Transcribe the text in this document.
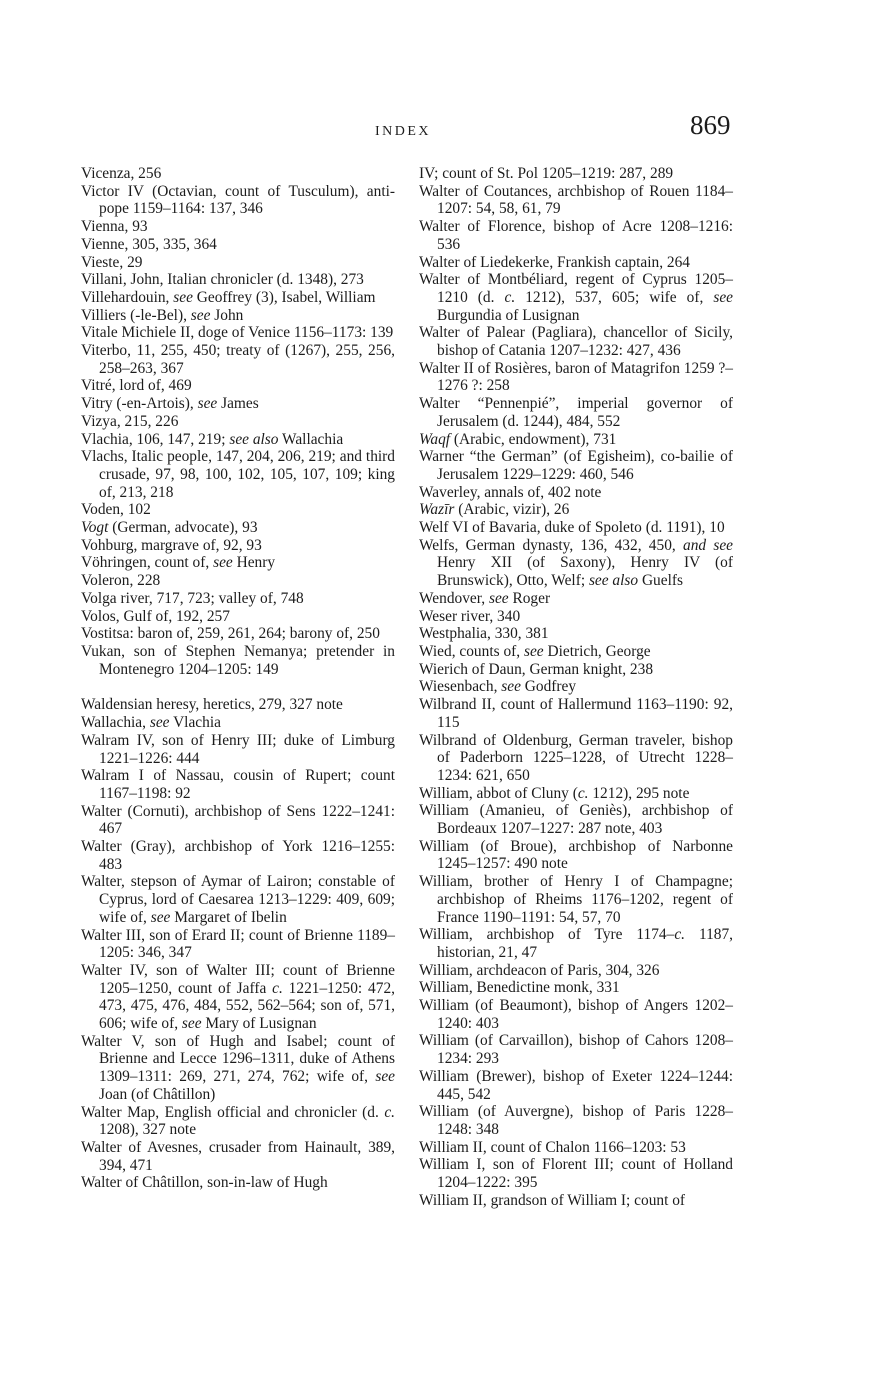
INDEX	869

Vicenza, 256

Victor IV (Octavian, count of Tusculum), anti-pope 1159–1164: 137, 346

Vienna, 93

Vienne, 305, 335, 364

Vieste, 29

Villani, John, Italian chronicler (d. 1348), 273

Villehardouin, see Geoffrey (3), Isabel, William

Villiers (-le-Bel), see John

Vitale Michiele II, doge of Venice 1156–1173: 139

Viterbo, 11, 255, 450; treaty of (1267), 255, 256, 258–263, 367

Vitré, lord of, 469

Vitry (-en-Artois), see James

Vizya, 215, 226

Vlachia, 106, 147, 219; see also Wallachia

Vlachs, Italic people, 147, 204, 206, 219; and third crusade, 97, 98, 100, 102, 105, 107, 109; king of, 213, 218

Voden, 102

Vogt (German, advocate), 93

Vohburg, margrave of, 92, 93

Vöhringen, count of, see Henry

Voleron, 228

Volga river, 717, 723; valley of, 748

Volos, Gulf of, 192, 257

Vostitsa: baron of, 259, 261, 264; barony of, 250

Vukan, son of Stephen Nemanya; pretender in Montenegro 1204–1205: 149

Waldensian heresy, heretics, 279, 327 note

Wallachia, see Vlachia

Walram IV, son of Henry III; duke of Limburg 1221–1226: 444

Walram I of Nassau, cousin of Rupert; count 1167–1198: 92

Walter (Cornuti), archbishop of Sens 1222–1241: 467

Walter (Gray), archbishop of York 1216–1255: 483

Walter, stepson of Aymar of Lairon; constable of Cyprus, lord of Caesarea 1213–1229: 409, 609; wife of, see Margaret of Ibelin

Walter III, son of Erard II; count of Brienne 1189–1205: 346, 347

Walter IV, son of Walter III; count of Brienne 1205–1250, count of Jaffa c. 1221–1250: 472, 473, 475, 476, 484, 552, 562–564; son of, 571, 606; wife of, see Mary of Lusignan

Walter V, son of Hugh and Isabel; count of Brienne and Lecce 1296–1311, duke of Athens 1309–1311: 269, 271, 274, 762; wife of, see Joan (of Châtillon)

Walter Map, English official and chronicler (d. c. 1208), 327 note

Walter of Avesnes, crusader from Hainault, 389, 394, 471

Walter of Châtillon, son-in-law of Hugh

IV; count of St. Pol 1205–1219: 287, 289

Walter of Coutances, archbishop of Rouen 1184–1207: 54, 58, 61, 79

Walter of Florence, bishop of Acre 1208–1216: 536

Walter of Liedekerke, Frankish captain, 264

Walter of Montbéliard, regent of Cyprus 1205–1210 (d. c. 1212), 537, 605; wife of, see Burgundia of Lusignan

Walter of Palear (Pagliara), chancellor of Sicily, bishop of Catania 1207–1232: 427, 436

Walter II of Rosières, baron of Matagrifon 1259 ?–1276 ?: 258

Walter “Pennenpié”, imperial governor of Jerusalem (d. 1244), 484, 552

Waqf (Arabic, endowment), 731

Warner “the German” (of Egisheim), co-bailie of Jerusalem 1229–1229: 460, 546

Waverley, annals of, 402 note

Wazīr (Arabic, vizir), 26

Welf VI of Bavaria, duke of Spoleto (d. 1191), 10

Welfs, German dynasty, 136, 432, 450, and see Henry XII (of Saxony), Henry IV (of Brunswick), Otto, Welf; see also Guelfs

Wendover, see Roger

Weser river, 340

Westphalia, 330, 381

Wied, counts of, see Dietrich, George

Wierich of Daun, German knight, 238

Wiesenbach, see Godfrey

Wilbrand II, count of Hallermund 1163–1190: 92, 115

Wilbrand of Oldenburg, German traveler, bishop of Paderborn 1225–1228, of Utrecht 1228–1234: 621, 650

William, abbot of Cluny (c. 1212), 295 note

William (Amanieu, of Geniès), archbishop of Bordeaux 1207–1227: 287 note, 403

William (of Broue), archbishop of Narbonne 1245–1257: 490 note

William, brother of Henry I of Champagne; archbishop of Rheims 1176–1202, regent of France 1190–1191: 54, 57, 70

William, archbishop of Tyre 1174–c. 1187, historian, 21, 47

William, archdeacon of Paris, 304, 326

William, Benedictine monk, 331

William (of Beaumont), bishop of Angers 1202–1240: 403

William (of Carvaillon), bishop of Cahors 1208–1234: 293

William (Brewer), bishop of Exeter 1224–1244: 445, 542

William (of Auvergne), bishop of Paris 1228–1248: 348

William II, count of Chalon 1166–1203: 53

William I, son of Florent III; count of Holland 1204–1222: 395

William II, grandson of William I; count of
